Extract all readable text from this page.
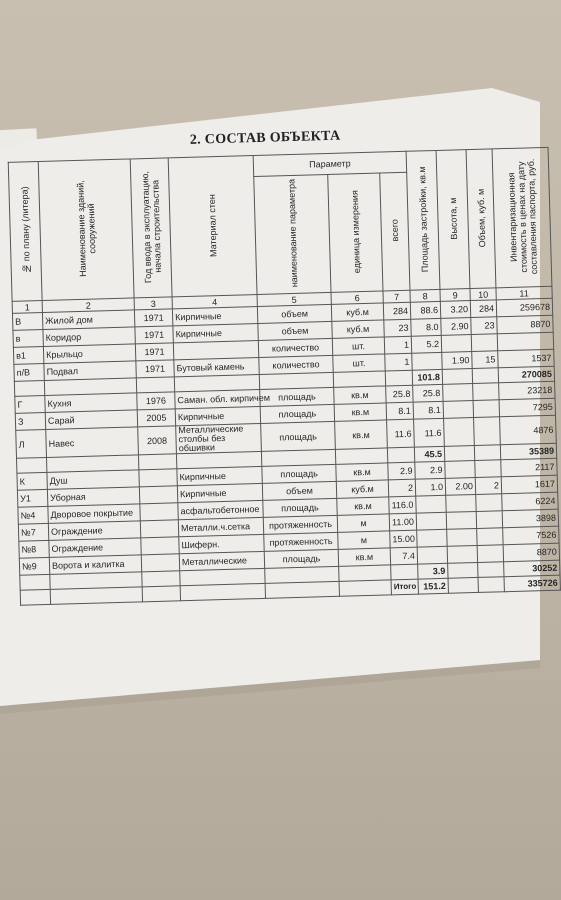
2. СОСТАВ ОБЪЕКТА
№ по плану (литера)	Наименование зданий, сооружений	Год ввода в эксплуатацию, начала строительства	Материал стен	Параметр			Площадь застройки, кв.м	Высота, м	Объем, куб. м	Инвентаризационная стоимость в ценах на дату составления паспорта, руб.
				наименование параметра	единица измерения	всего				
1	2	3	4	5	6	7	8	9	10	11
В	Жилой дом	1971	Кирпичные	объем	куб.м	284	88.6	3.20	284	259678
в	Коридор	1971	Кирпичные	объем	куб.м	23	8.0	2.90	23	8870
в1	Крыльцо	1971		количество	шт.	1	5.2			
п/В	Подвал	1971	Бутовый камень	количество	шт.	1		1.90	15	1537
							101.8			270085
Г	Кухня	1976	Саман. обл. кирпичем	площадь	кв.м	25.8	25.8			23218
З	Сарай	2005	Кирпичные	площадь	кв.м	8.1	8.1			7295
Л	Навес	2008	Металлические столбы без обшивки	площадь	кв.м	11.6	11.6			4876
							45.5			35389
К	Душ		Кирпичные	площадь	кв.м	2.9	2.9			2117
У1	Уборная		Кирпичные	объем	куб.м	2	1.0	2.00	2	1617
№4	Дворовое покрытие		асфальтобетонное	площадь	кв.м	116.0				6224
№7	Ограждение		Металли.ч.сетка	протяженность	м	11.00				3898
№8	Ограждение		Шиферн.	протяженность	м	15.00				7526
№9	Ворота и калитка		Металлические	площадь	кв.м	7.4				8870
							3.9			30252
						Итого	151.2			335726
